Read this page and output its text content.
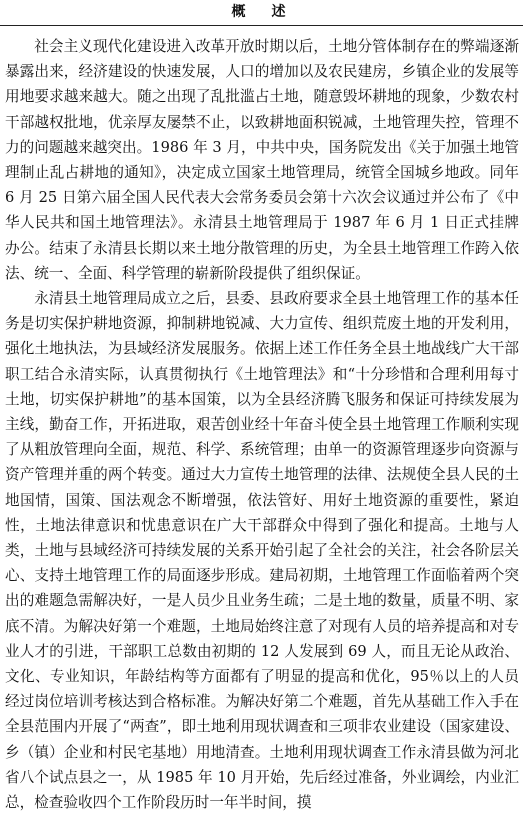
概　述

社会主义现代化建设进入改革开放时期以后，土地分管体制存在的弊端逐渐暴露出来，经济建设的快速发展，人口的增加以及农民建房，乡镇企业的发展等用地要求越来越大。随之出现了乱批滥占土地，随意毁坏耕地的现象，少数农村干部越权批地，优亲厚友屡禁不止，以致耕地面积锐减，土地管理失控，管理不力的问题越来越突出。1986 年 3 月，中共中央，国务院发出《关于加强土地管理制止乱占耕地的通知》，决定成立国家土地管理局，统管全国城乡地政。同年 6 月 25 日第六届全国人民代表大会常务委员会第十六次会议通过并公布了《中华人民共和国土地管理法》。永清县土地管理局于 1987 年 6 月 1 日正式挂牌办公。结束了永清县长期以来土地分散管理的历史，为全县土地管理工作跨入依法、统一、全面、科学管理的崭新阶段提供了组织保证。

永清县土地管理局成立之后，县委、县政府要求全县土地管理工作的基本任务是切实保护耕地资源，抑制耕地锐减、大力宣传、组织荒废土地的开发利用，强化土地执法，为县域经济发展服务。依据上述工作任务全县土地战线广大干部职工结合永清实际，认真贯彻执行《土地管理法》和“十分珍惜和合理利用每寸土地，切实保护耕地”的基本国策，以为全县经济腾飞服务和保证可持续发展为主线，勤奋工作，开拓进取，艰苦创业经十年奋斗使全县土地管理工作顺利实现了从粗放管理向全面，规范、科学、系统管理；由单一的资源管理逐步向资源与资产管理并重的两个转变。通过大力宣传土地管理的法律、法规使全县人民的土地国情，国策、国法观念不断增强，依法管好、用好土地资源的重要性，紧迫性，土地法律意识和忧患意识在广大干部群众中得到了强化和提高。土地与人类，土地与县域经济可持续发展的关系开始引起了全社会的关注，社会各阶层关心、支持土地管理工作的局面逐步形成。建局初期，土地管理工作面临着两个突出的难题急需解决好，一是人员少且业务生疏；二是土地的数量，质量不明、家底不清。为解决好第一个难题，土地局始终注意了对现有人员的培养提高和对专业人才的引进，干部职工总数由初期的 12 人发展到 69 人，而且无论从政治、文化、专业知识，年龄结构等方面都有了明显的提高和优化，95％以上的人员经过岗位培训考核达到合格标准。为解决好第二个难题，首先从基础工作入手在全县范围内开展了“两查”，即土地利用现状调查和三项非农业建设（国家建设、乡（镇）企业和村民宅基地）用地清查。土地利用现状调查工作永清县做为河北省八个试点县之一，从 1985 年 10 月开始，先后经过准备，外业调绘，内业汇总，检查验收四个工作阶段历时一年半时间，摸
